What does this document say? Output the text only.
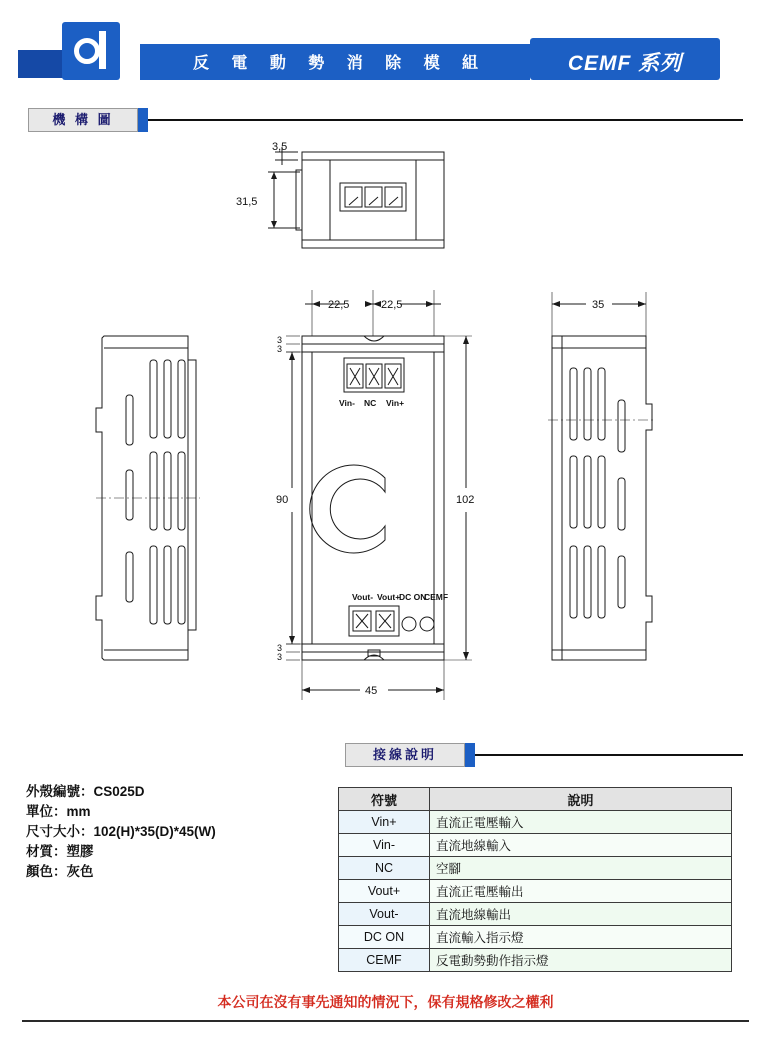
反 電 動 勢 消 除 模 組	CEMF 系列
機 構 圖
3,5
31,5
22,5	22,5	35
90	102
45
3
3
3
3
Vin- NC Vin+
Vout- Vout+
DC ON
CEMF
接線說明
外殼編號：CS025D
單位：mm
尺寸大小：102(H)*35(D)*45(W)
材質：塑膠
顏色：灰色
符號	說明
Vin+	直流正電壓輸入
Vin-	直流地線輸入
NC	空腳
Vout+	直流正電壓輸出
Vout-	直流地線輸出
DC ON	直流輸入指示燈
CEMF	反電動勢動作指示燈
本公司在沒有事先通知的情況下，保有規格修改之權利
